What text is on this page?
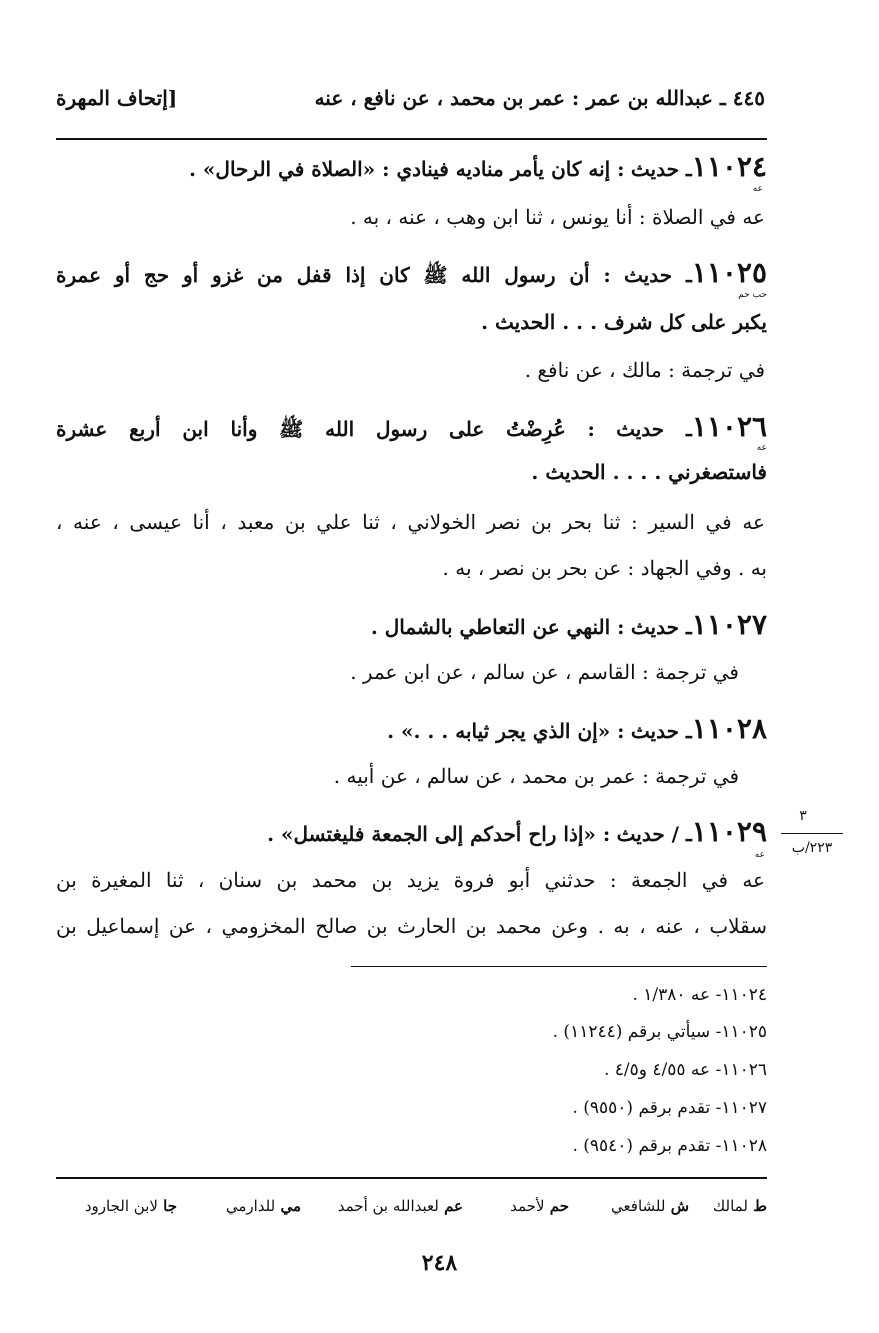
٤٤٥ ـ عبدالله بن عمر : عمر بن محمد ، عن نافع ، عنه
[إتحاف المهرة
١١٠٢٤ـ حديث : إنه كان يأمر مناديه فينادي : «الصلاة في الرحال» .
عه
عه في الصلاة : أنا يونس ، ثنا ابن وهب ، عنه ، به .
١١٠٢٥ـ حديث : أن رسول الله ﷺ كان إذا قفل من غزو أو حج أو عمرة
حب حم
يكبر على كل شرف . . . الحديث .
في ترجمة : مالك ، عن نافع .
١١٠٢٦ـ حديث : عُرِضْتُ على رسول الله ﷺ وأنا ابن أربع عشرة
عه
فاستصغرني . . . . الحديث .
عه في السير : ثنا بحر بن نصر الخولاني ، ثنا علي بن معبد ، أنا عيسى ، عنه ،
به . وفي الجهاد : عن بحر بن نصر ، به .
١١٠٢٧ـ حديث : النهي عن التعاطي بالشمال .
في ترجمة : القاسم ، عن سالم ، عن ابن عمر .
١١٠٢٨ـ حديث : «إن الذي يجر ثيابه . . .» .
في ترجمة : عمر بن محمد ، عن سالم ، عن أبيه .
١١٠٢٩ـ / حديث : «إذا راح أحدكم إلى الجمعة فليغتسل» .
عه
عه في الجمعة : حدثني أبو فروة يزيد بن محمد بن سنان ، ثنا المغيرة بن
سقلاب ، عنه ، به . وعن محمد بن الحارث بن صالح المخزومي ، عن إسماعيل بن
٣
٢٢٣/ب
١١٠٢٤- عه ١/٣٨٠ .
١١٠٢٥- سيأتي برقم (١١٢٤٤) .
١١٠٢٦- عه ٤/٥٥ و٤/٥ .
١١٠٢٧- تقدم برقم (٩٥٥٠) .
١١٠٢٨- تقدم برقم (٩٥٤٠) .
ط لمالك
ش للشافعي
حم لأحمد
عم لعبدالله بن أحمد
مي للدارمي
جا لابن الجارود
٢٤٨
